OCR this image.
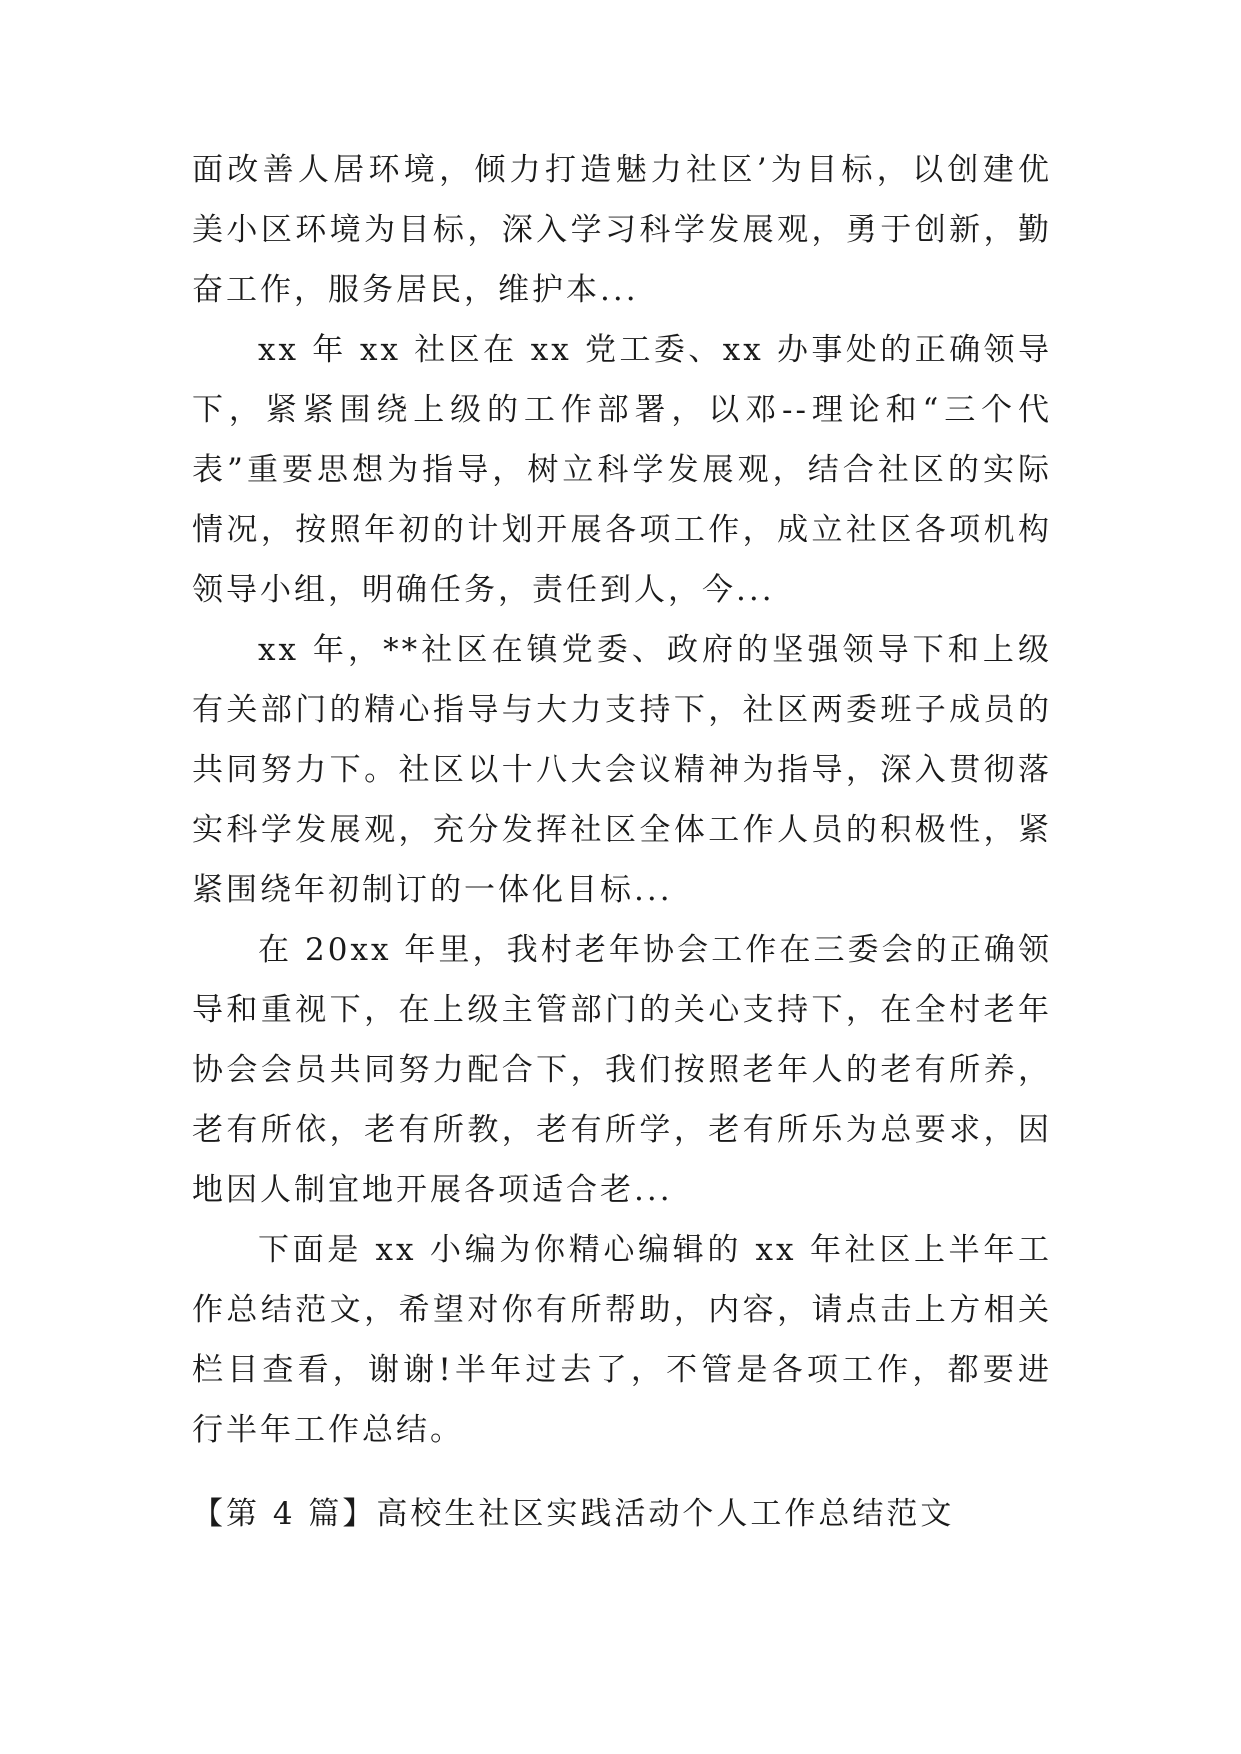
面改善人居环境，倾力打造魅力社区’为目标，以创建优美小区环境为目标，深入学习科学发展观，勇于创新，勤奋工作，服务居民，维护本...

xx 年 xx 社区在 xx 党工委、xx 办事处的正确领导下，紧紧围绕上级的工作部署，以邓--理论和“三个代表”重要思想为指导，树立科学发展观，结合社区的实际情况，按照年初的计划开展各项工作，成立社区各项机构领导小组，明确任务，责任到人，今...

xx 年，**社区在镇党委、政府的坚强领导下和上级有关部门的精心指导与大力支持下，社区两委班子成员的共同努力下。社区以十八大会议精神为指导，深入贯彻落实科学发展观，充分发挥社区全体工作人员的积极性，紧紧围绕年初制订的一体化目标...

在 20xx 年里，我村老年协会工作在三委会的正确领导和重视下，在上级主管部门的关心支持下，在全村老年协会会员共同努力配合下，我们按照老年人的老有所养，老有所依，老有所教，老有所学，老有所乐为总要求，因地因人制宜地开展各项适合老...

下面是 xx 小编为你精心编辑的 xx 年社区上半年工作总结范文，希望对你有所帮助，内容，请点击上方相关栏目查看，谢谢!半年过去了，不管是各项工作，都要进行半年工作总结。

【第 4 篇】高校生社区实践活动个人工作总结范文
